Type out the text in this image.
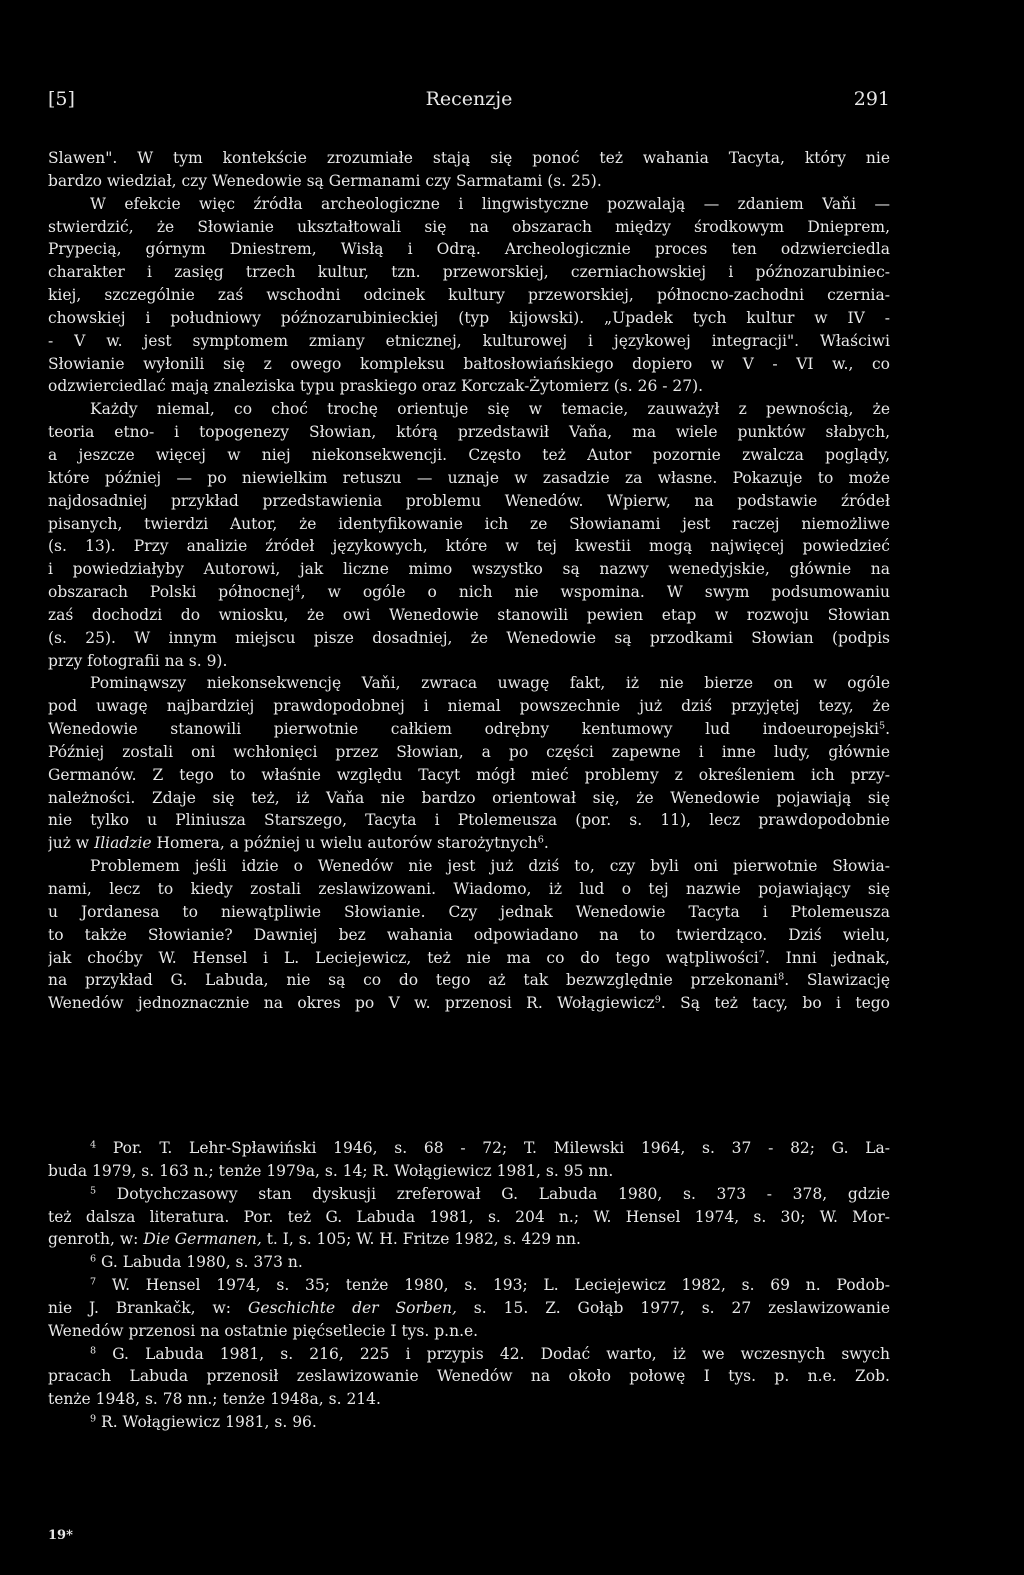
[5]	Recenzje	291
Slawen". W tym kontekście zrozumiałe stają się ponoć też wahania Tacyta, który nie
bardzo wiedział, czy Wenedowie są Germanami czy Sarmatami (s. 25).
W efekcie więc źródła archeologiczne i lingwistyczne pozwalają — zdaniem Vaňi —
stwierdzić, że Słowianie ukształtowali się na obszarach między środkowym Dnieprem,
Prypecią, górnym Dniestrem, Wisłą i Odrą. Archeologicznie proces ten odzwierciedla
charakter i zasięg trzech kultur, tzn. przeworskiej, czerniachowskiej i późnozarubiniec-
kiej, szczególnie zaś wschodni odcinek kultury przeworskiej, północno-zachodni czernia-
chowskiej i południowy późnozarubinieckiej (typ kijowski). „Upadek tych kultur w IV -
- V w. jest symptomem zmiany etnicznej, kulturowej i językowej integracji". Właściwi
Słowianie wyłonili się z owego kompleksu bałtosłowiańskiego dopiero w V - VI w., co
odzwierciedlać mają znaleziska typu praskiego oraz Korczak-Żytomierz (s. 26 - 27).
Każdy niemal, co choć trochę orientuje się w temacie, zauważył z pewnością, że
teoria etno- i topogenezy Słowian, którą przedstawił Vaňa, ma wiele punktów słabych,
a jeszcze więcej w niej niekonsekwencji. Często też Autor pozornie zwalcza poglądy,
które później — po niewielkim retuszu — uznaje w zasadzie za własne. Pokazuje to może
najdosadniej przykład przedstawienia problemu Wenedów. Wpierw, na podstawie źródeł
pisanych, twierdzi Autor, że identyfikowanie ich ze Słowianami jest raczej niemożliwe
(s. 13). Przy analizie źródeł językowych, które w tej kwestii mogą najwięcej powiedzieć
i powiedziałyby Autorowi, jak liczne mimo wszystko są nazwy wenedyjskie, głównie na
obszarach Polski północnej$^4$, w ogóle o nich nie wspomina. W swym podsumowaniu
zaś dochodzi do wniosku, że owi Wenedowie stanowili pewien etap w rozwoju Słowian
(s. 25). W innym miejscu pisze dosadniej, że Wenedowie są przodkami Słowian (podpis
przy fotografii na s. 9).
Pominąwszy niekonsekwencję Vaňi, zwraca uwagę fakt, iż nie bierze on w ogóle
pod uwagę najbardziej prawdopodobnej i niemal powszechnie już dziś przyjętej tezy, że
Wenedowie stanowili pierwotnie całkiem odrębny kentumowy lud indoeuropejski$^5$.
Później zostali oni wchłonięci przez Słowian, a po części zapewne i inne ludy, głównie
Germanów. Z tego to właśnie względu Tacyt mógł mieć problemy z określeniem ich przy-
należności. Zdaje się też, iż Vaňa nie bardzo orientował się, że Wenedowie pojawiają się
nie tylko u Pliniusza Starszego, Tacyta i Ptolemeusza (por. s. 11), lecz prawdopodobnie
już w Iliadzie Homera, a później u wielu autorów starożytnych$^6$.
Problemem jeśli idzie o Wenedów nie jest już dziś to, czy byli oni pierwotnie Słowia-
nami, lecz to kiedy zostali zeslawizowani. Wiadomo, iż lud o tej nazwie pojawiający się
u Jordanesa to niewątpliwie Słowianie. Czy jednak Wenedowie Tacyta i Ptolemeusza
to także Słowianie? Dawniej bez wahania odpowiadano na to twierdząco. Dziś wielu,
jak choćby W. Hensel i L. Leciejewicz, też nie ma co do tego wątpliwości$^7$. Inni jednak,
na przykład G. Labuda, nie są co do tego aż tak bezwzględnie przekonani$^8$. Slawizację
Wenedów jednoznacznie na okres po V w. przenosi R. Wołągiewicz$^9$. Są też tacy, bo i tego
$^4$ Por. T. Lehr-Spławiński 1946, s. 68 - 72; T. Milewski 1964, s. 37 - 82; G. La-
buda 1979, s. 163 n.; tenże 1979a, s. 14; R. Wołągiewicz 1981, s. 95 nn.
$^5$ Dotychczasowy stan dyskusji zreferował G. Labuda 1980, s. 373 - 378, gdzie
też dalsza literatura. Por. też G. Labuda 1981, s. 204 n.; W. Hensel 1974, s. 30; W. Mor-
genroth, w: Die Germanen, t. I, s. 105; W. H. Fritze 1982, s. 429 nn.
$^6$ G. Labuda 1980, s. 373 n.
$^7$ W. Hensel 1974, s. 35; tenże 1980, s. 193; L. Leciejewicz 1982, s. 69 n. Podob-
nie J. Brankačk, w: Geschichte der Sorben, s. 15. Z. Gołąb 1977, s. 27 zeslawizowanie
Wenedów przenosi na ostatnie pięćsetlecie I tys. p.n.e.
$^8$ G. Labuda 1981, s. 216, 225 i przypis 42. Dodać warto, iż we wczesnych swych
pracach Labuda przenosił zeslawizowanie Wenedów na około połowę I tys. p. n.e. Zob.
tenże 1948, s. 78 nn.; tenże 1948a, s. 214.
$^9$ R. Wołągiewicz 1981, s. 96.
19*
